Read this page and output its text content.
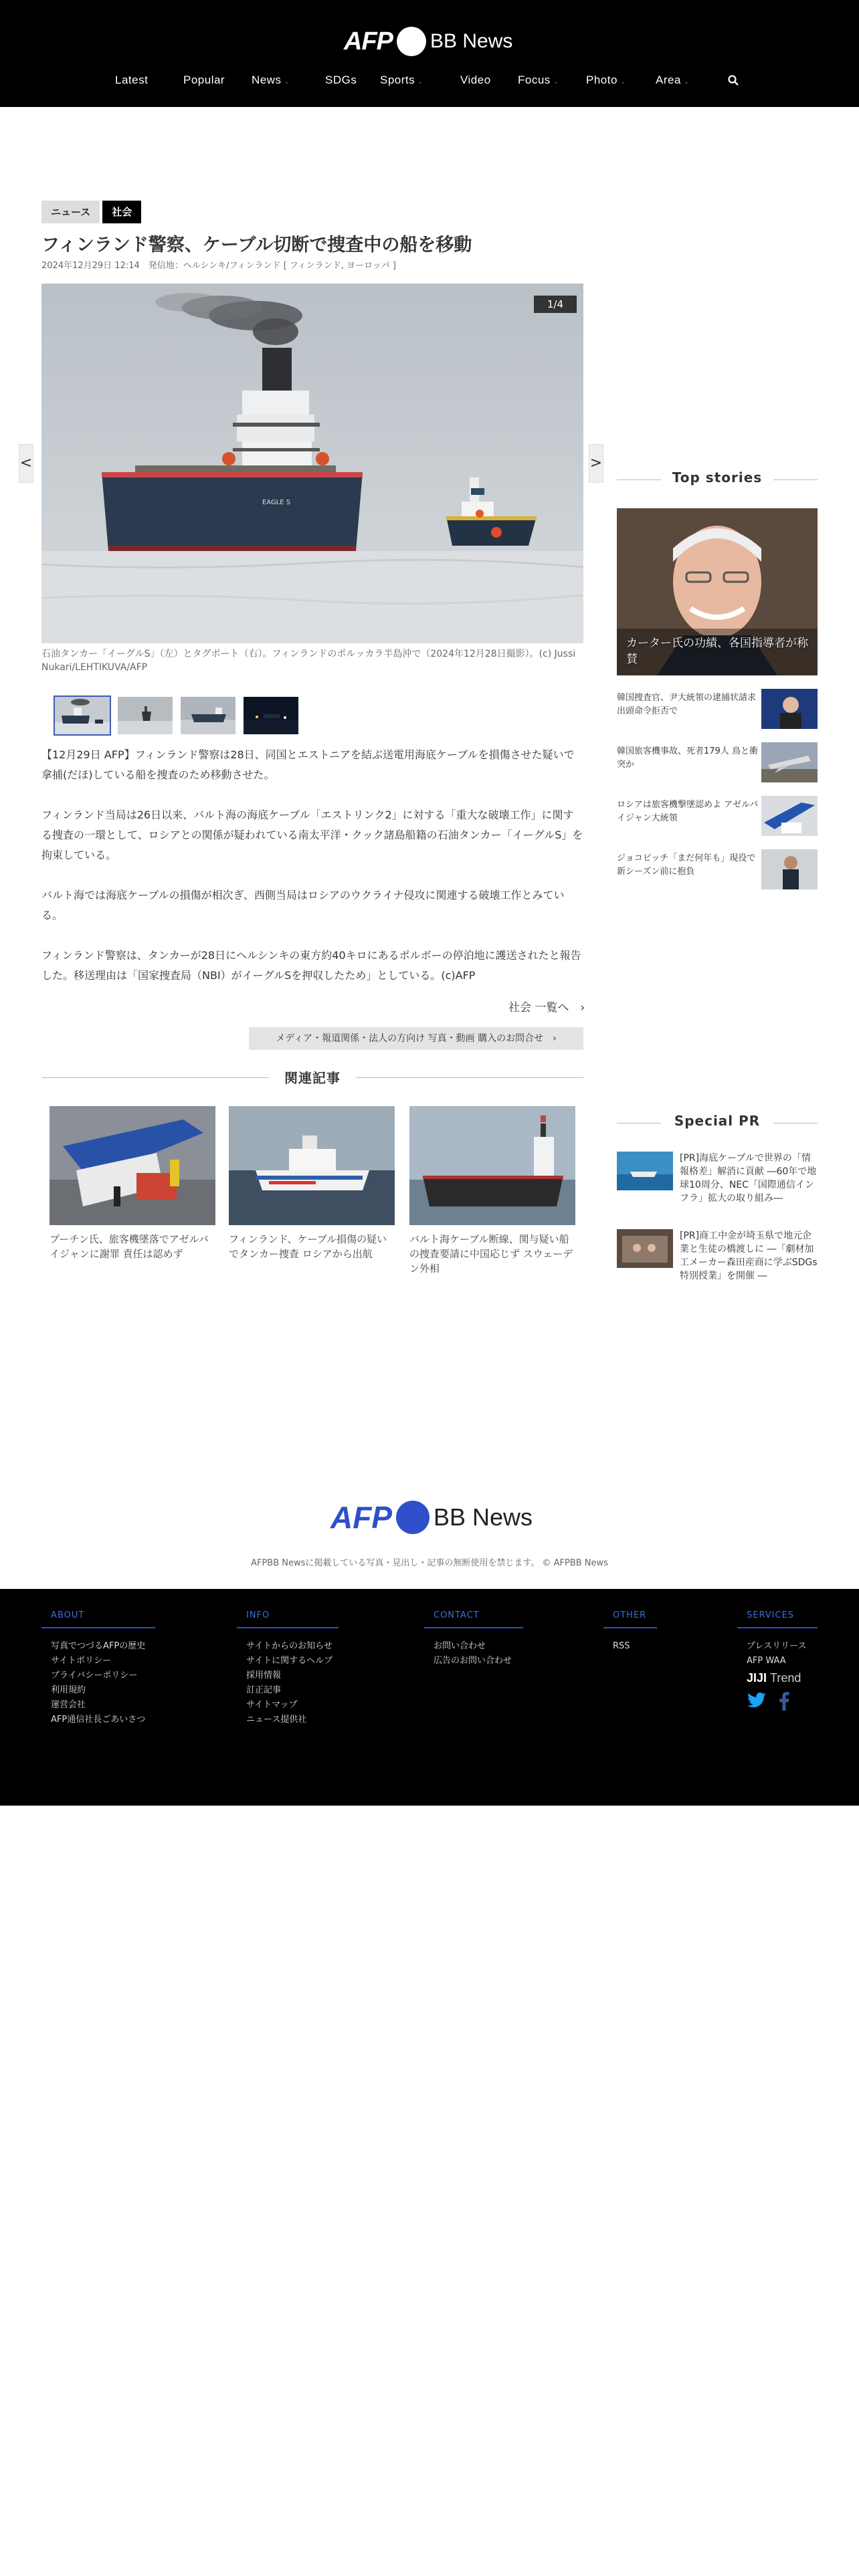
AFP BB News
Latest	Popular News ⌄	SDGs Sports ⌄	Video Focus ⌄ Photo ⌄	Area ⌄
ニュース	社会
フィンランド警察、ケーブル切断で捜査中の船を移動
2024年12月29日 12:14　発信地：ヘルシンキ/フィンランド [ フィンランド, ヨーロッパ ]
<	>
EAGLE S
1/4
石油タンカー「イーグルS」（左）とタグボート（右）。フィンランドのポルッカラ半島沖で（2024年12月28日撮影）。(c) Jussi Nukari/LEHTIKUVA/AFP

【12月29日 AFP】フィンランド警察は28日、同国とエストニアを結ぶ送電用海底ケーブルを損傷させた疑いで拿捕(だほ)している船を捜査のため移動させた。

フィンランド当局は26日以来、バルト海の海底ケーブル「エストリンク2」に対する「重大な破壊工作」に関する捜査の一環として、ロシアとの関係が疑われている南太平洋・クック諸島船籍の石油タンカー「イーグルS」を拘束している。

バルト海では海底ケーブルの損傷が相次ぎ、西側当局はロシアのウクライナ侵攻に関連する破壊工作とみている。

フィンランド警察は、タンカーが28日にヘルシンキの東方約40キロにあるポルボーの停泊地に護送されたと報告した。移送理由は「国家捜査局（NBI）がイーグルSを押収したため」としている。(c)AFP

社会 一覧へ　›
メディア・報道関係・法人の方向け 写真・動画 購入のお問合せ　›
関連記事
プーチン氏、旅客機墜落でアゼルバイジャンに謝罪 責任は認めず
フィンランド、ケーブル損傷の疑いでタンカー捜査 ロシアから出航
バルト海ケーブル断線、関与疑い船の捜査要請に中国応じず スウェーデン外相
Top stories
カーター氏の功績、各国指導者が称賛
韓国捜査官、尹大統領の逮捕状請求 出頭命令拒否で
韓国旅客機事故、死者179人 鳥と衝突か
ロシアは旅客機撃墜認めよ アゼルバイジャン大統領
ジョコビッチ「まだ何年も」現役で 新シーズン前に抱負
Special PR
[PR]海底ケーブルで世界の「情報格差」解消に貢献 ―60年で地球10周分、NEC「国際通信インフラ」拡大の取り組み―
[PR]商工中金が埼玉県で地元企業と生徒の橋渡しに ―「劇材加工メーカー森田産商に学ぶSDGs特別授業」を開催 ―
AFP BB News
AFPBB Newsに掲載している写真・見出し・記事の無断使用を禁じます。 © AFPBB News
ABOUT
写真でつづるAFPの歴史
サイトポリシー
プライバシーポリシー
利用規約
運営会社
AFP通信社長ごあいさつ
INFO
サイトからのお知らせ
サイトに関するヘルプ
採用情報
訂正記事
サイトマップ
ニュース提供社
CONTACT
お問い合わせ
広告のお問い合わせ
OTHER
RSS
SERVICES
プレスリリース
AFP WAA
JIJI Trend
